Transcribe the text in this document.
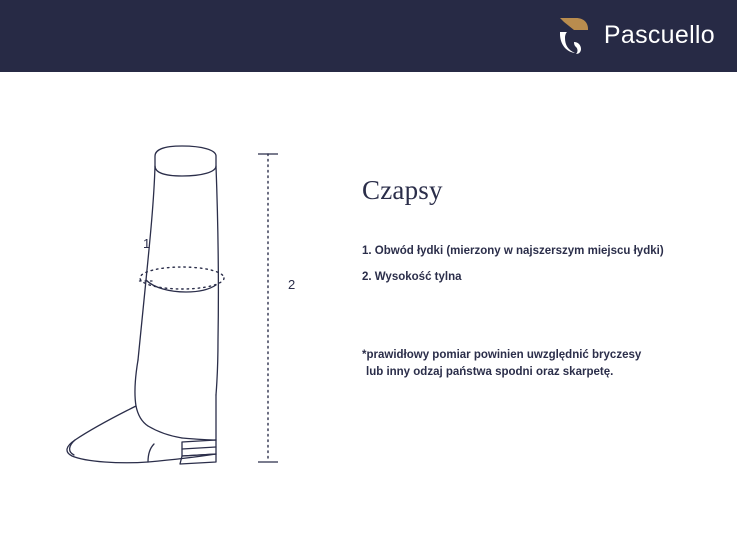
Pascuello
1
2
Czapsy
1. Obwód łydki (mierzony w najszerszym miejscu łydki)
2. Wysokość tylna
*prawidłowy pomiar powinien uwzględnić bryczesy
lub inny odzaj państwa spodni oraz skarpetę.
